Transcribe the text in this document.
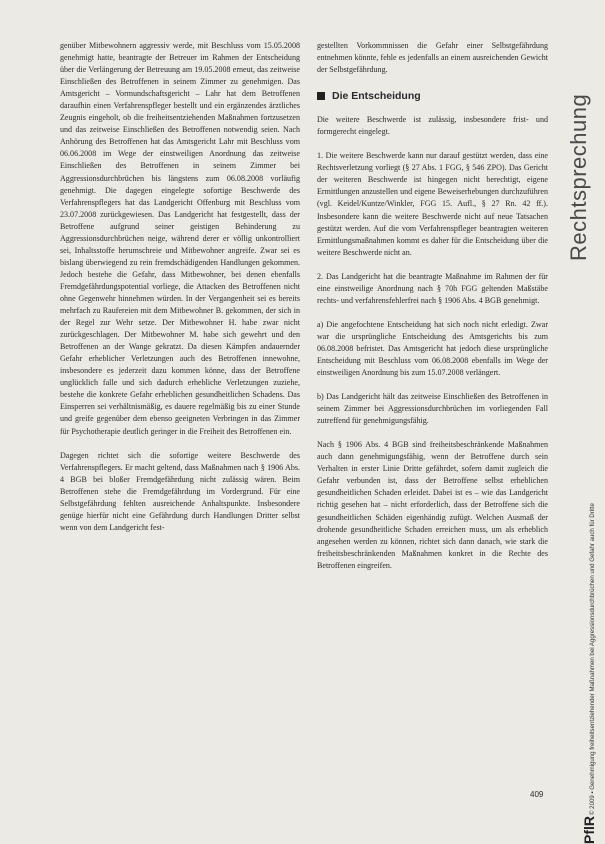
genüber Mitbewohnern aggressiv werde, mit Beschluss vom 15.05.2008 genehmigt hatte, beantragte der Betreuer im Rahmen der Entscheidung über die Verlängerung der Betreuung am 19.05.2008 erneut, das zeitweise Einschließen des Betroffenen in seinem Zimmer zu genehmigen. Das Amtsgericht – Vormundschaftsgericht – Lahr hat dem Betroffenen daraufhin einen Verfahrenspfleger bestellt und ein ergänzendes ärztliches Zeugnis eingeholt, ob die freiheitsentziehenden Maßnahmen fortzusetzen und das zeitweise Einschließen des Betroffenen notwendig seien. Nach Anhörung des Betroffenen hat das Amtsgericht Lahr mit Beschluss vom 06.06.2008 im Wege der einstweiligen Anordnung das zeitweise Einschließen des Betroffenen in seinem Zimmer bei Aggressionsdurchbrüchen bis längstens zum 06.08.2008 vorläufig genehmigt. Die dagegen eingelegte sofortige Beschwerde des Verfahrenspflegers hat das Landgericht Offenburg mit Beschluss vom 23.07.2008 zurückgewiesen. Das Landgericht hat festgestellt, dass der Betroffene aufgrund seiner geistigen Behinderung zu Aggressionsdurchbrüchen neige, während derer er völlig unkontrolliert sei, Inhaltsstoffe herumschreie und Mitbewohner angreife. Zwar sei es bislang überwiegend zu rein fremdschädigenden Handlungen gekommen. Jedoch bestehe die Gefahr, dass Mitbewohner, bei denen ebenfalls Fremdgefährdungspotential vorliege, die Attacken des Betroffenen nicht ohne Gegenwehr hinnehmen würden. In der Vergangenheit sei es bereits mehrfach zu Raufereien mit dem Mitbewohner B. gekommen, der sich in der Regel zur Wehr setze. Der Mitbewohner H. habe zwar nicht zurückgeschlagen. Der Mitbewohner M. habe sich gewehrt und den Betroffenen an der Wange gekratzt. Da diesen Kämpfen andauernder Gefahr erheblicher Verletzungen auch des Betroffenen innewohne, insbesondere es jederzeit dazu kommen könne, dass der Betroffene unglücklich falle und sich dadurch erhebliche Verletzungen zuziehe, bestehe die konkrete Gefahr erheblichen gesundheitlichen Schadens. Das Einsperren sei verhältnismäßig, es dauere regelmäßig bis zu einer Stunde und greife gegenüber dem ebenso geeigneten Verbringen in das Zimmer für Psychotherapie deutlich geringer in die Freiheit des Betroffenen ein.

Dagegen richtet sich die sofortige weitere Beschwerde des Verfahrenspflegers. Er macht geltend, dass Maßnahmen nach § 1906 Abs. 4 BGB bei bloßer Fremdgefährdung nicht zulässig wären. Beim Betroffenen stehe die Fremdgefährdung im Vordergrund. Für eine Selbstgefährdung fehlten ausreichende Anhaltspunkte. Insbesondere genüge hierfür nicht eine Gefährdung durch Handlungen Dritter selbst wenn von dem Landgericht fest-

gestellten Vorkommnissen die Gefahr einer Selbstgefährdung entnehmen könnte, fehle es jedenfalls an einem ausreichenden Gewicht der Selbstgefährdung.

Die Entscheidung

Die weitere Beschwerde ist zulässig, insbesondere frist- und formgerecht eingelegt.

1. Die weitere Beschwerde kann nur darauf gestützt werden, dass eine Rechtsverletzung vorliegt (§ 27 Abs. 1 FGG, § 546 ZPO). Das Gericht der weiteren Beschwerde ist hingegen nicht berechtigt, eigene Ermittlungen anzustellen und eigene Beweiserhebungen durchzuführen (vgl. Keidel/Kuntze/Winkler, FGG 15. Aufl., § 27 Rn. 42 ff.). Insbesondere kann die weitere Beschwerde nicht auf neue Tatsachen gestützt werden. Auf die vom Verfahrenspfleger beantragten weiteren Ermittlungsmaßnahmen kommt es daher für die Entscheidung über die weitere Beschwerde nicht an.

2. Das Landgericht hat die beantragte Maßnahme im Rahmen der für eine einstweilige Anordnung nach § 70h FGG geltenden Maßstäbe rechts- und verfahrensfehlerfrei nach § 1906 Abs. 4 BGB genehmigt.

a) Die angefochtene Entscheidung hat sich noch nicht erledigt. Zwar war die ursprüngliche Entscheidung des Amtsgerichts bis zum 06.08.2008 befristet. Das Amtsgericht hat jedoch diese ursprüngliche Entscheidung mit Beschluss vom 06.08.2008 ebenfalls im Wege der einstweiligen Anordnung bis zum 15.07.2008 verlängert.

b) Das Landgericht hält das zeitweise Einschließen des Betroffenen in seinem Zimmer bei Aggressionsdurchbrüchen im vorliegenden Fall zutreffend für genehmigungsfähig.

Nach § 1906 Abs. 4 BGB sind freiheitsbeschränkende Maßnahmen auch dann genehmigungsfähig, wenn der Betroffene durch sein Verhalten in erster Linie Dritte gefährdet, sofern damit zugleich die Gefahr verbunden ist, dass der Betroffene selbst erheblichen gesundheitlichen Schaden erleidet. Dabei ist es – wie das Landgericht richtig gesehen hat – nicht erforderlich, dass der Betroffene sich die gesundheitlichen Schäden eigenhändig zufügt. Welchen Ausmaß der drohende gesundheitliche Schaden erreichen muss, um als erheblich angesehen werden zu können, richtet sich dann danach, wie stark die freiheitsbeschränkenden Maßnahmen konkret in die Rechte des Betroffenen eingreifen.

Rechtsprechung
© 2009 ▪ Genehmigung freiheitsentziehender Maßnahmen bei Aggressionsdurchbrüchen und Gefahr auch für Dritte
PflR
409
